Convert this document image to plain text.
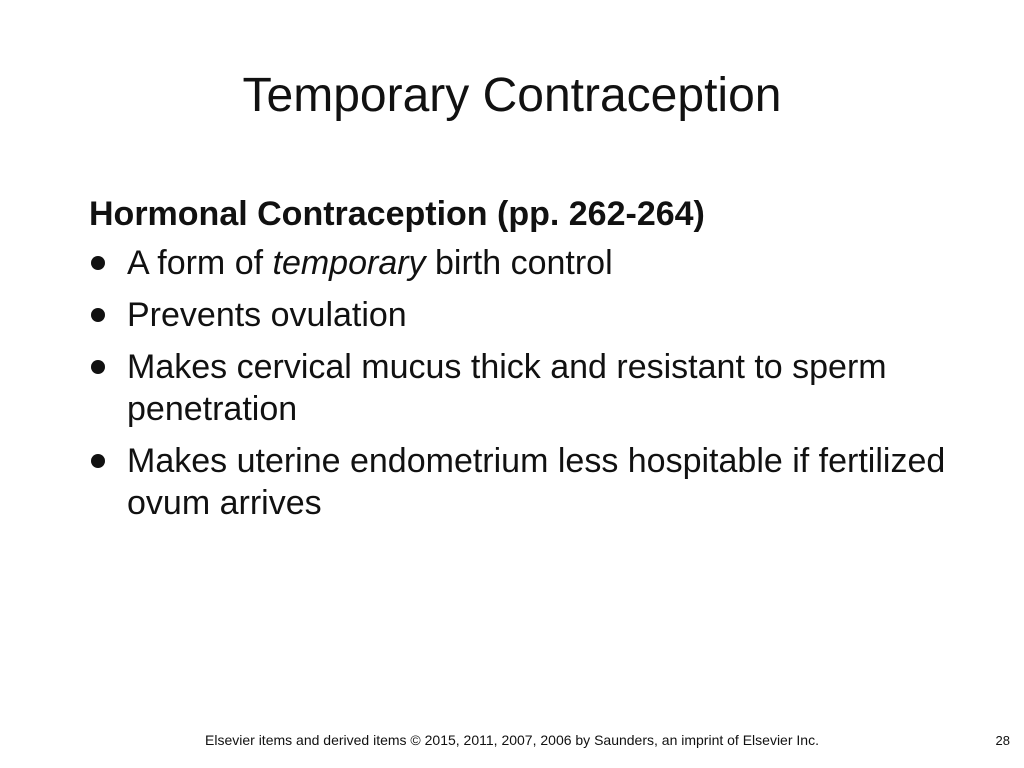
Temporary Contraception
Hormonal Contraception (pp. 262-264)
A form of temporary birth control
Prevents ovulation
Makes cervical mucus thick and resistant to sperm penetration
Makes uterine endometrium less hospitable if fertilized ovum arrives
Elsevier items and derived items © 2015, 2011, 2007, 2006 by Saunders, an imprint of Elsevier Inc.	28
